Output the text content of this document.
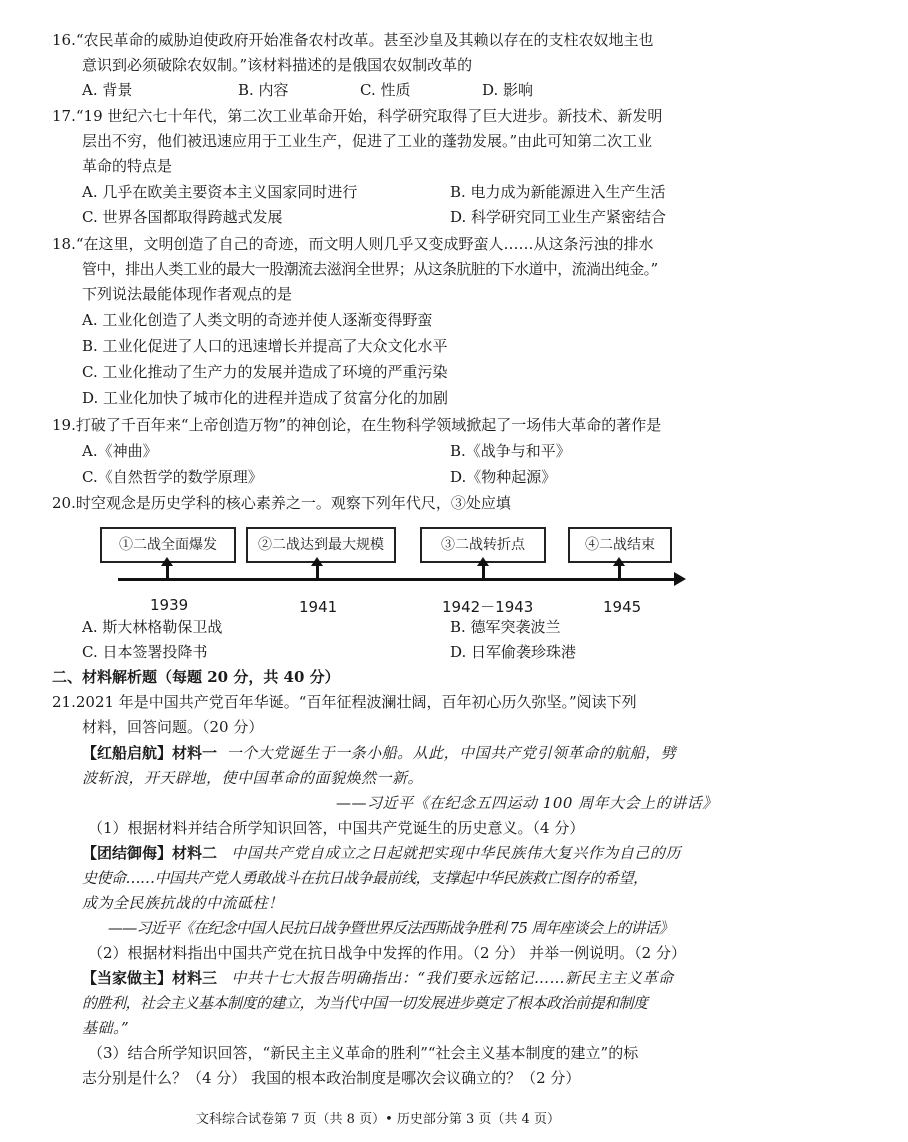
16.“农民革命的威胁迫使政府开始准备农村改革。甚至沙皇及其赖以存在的支柱农奴地主也
意识到必须破除农奴制。”该材料描述的是俄国农奴制改革的
A. 背景	B. 内容	C. 性质	D. 影响
17.“19 世纪六七十年代，第二次工业革命开始，科学研究取得了巨大进步。新技术、新发明
层出不穷，他们被迅速应用于工业生产，促进了工业的蓬勃发展。”由此可知第二次工业
革命的特点是
A. 几乎在欧美主要资本主义国家同时进行	B. 电力成为新能源进入生产生活
C. 世界各国都取得跨越式发展	D. 科学研究同工业生产紧密结合
18.“在这里，文明创造了自己的奇迹，而文明人则几乎又变成野蛮人……从这条污浊的排水
管中，排出人类工业的最大一股潮流去滋润全世界；从这条肮脏的下水道中，流淌出纯金。”
下列说法最能体现作者观点的是
A. 工业化创造了人类文明的奇迹并使人逐渐变得野蛮
B. 工业化促进了人口的迅速增长并提高了大众文化水平
C. 工业化推动了生产力的发展并造成了环境的严重污染
D. 工业化加快了城市化的进程并造成了贫富分化的加剧
19.打破了千百年来“上帝创造万物”的神创论，在生物科学领域掀起了一场伟大革命的著作是
A.《神曲》	B.《战争与和平》
C.《自然哲学的数学原理》	D.《物种起源》
20.时空观念是历史学科的核心素养之一。观察下列年代尺，③处应填
①二战全面爆发	②二战达到最大规模	③二战转折点	④二战结束
1939	1941	1942－1943	1945
A. 斯大林格勒保卫战	B. 德军突袭波兰
C. 日本签署投降书	D. 日军偷袭珍珠港
二、材料解析题（每题 20 分，共 40 分）
21.2021 年是中国共产党百年华诞。“百年征程波澜壮阔，百年初心历久弥坚。”阅读下列
材料，回答问题。（20 分）
【红船启航】材料一 一个大党诞生于一条小船。从此，中国共产党引领革命的航船，劈
波斩浪，开天辟地，使中国革命的面貌焕然一新。
——习近平《在纪念五四运动 100 周年大会上的讲话》
（1）根据材料并结合所学知识回答，中国共产党诞生的历史意义。（4 分）
【团结御侮】材料二 中国共产党自成立之日起就把实现中华民族伟大复兴作为自己的历
史使命……中国共产党人勇敢战斗在抗日战争最前线，支撑起中华民族救亡图存的希望，
成为全民族抗战的中流砥柱！
——习近平《在纪念中国人民抗日战争暨世界反法西斯战争胜利 75 周年座谈会上的讲话》
（2）根据材料指出中国共产党在抗日战争中发挥的作用。（2 分） 并举一例说明。（2 分）
【当家做主】材料三 中共十七大报告明确指出：“我们要永远铭记……新民主主义革命
的胜利，社会主义基本制度的建立，为当代中国一切发展进步奠定了根本政治前提和制度
基础。”
（3）结合所学知识回答，“新民主主义革命的胜利”“社会主义基本制度的建立”的标
志分别是什么？（4 分） 我国的根本政治制度是哪次会议确立的？（2 分）
文科综合试卷第 7 页（共 8 页）• 历史部分第 3 页（共 4 页）
